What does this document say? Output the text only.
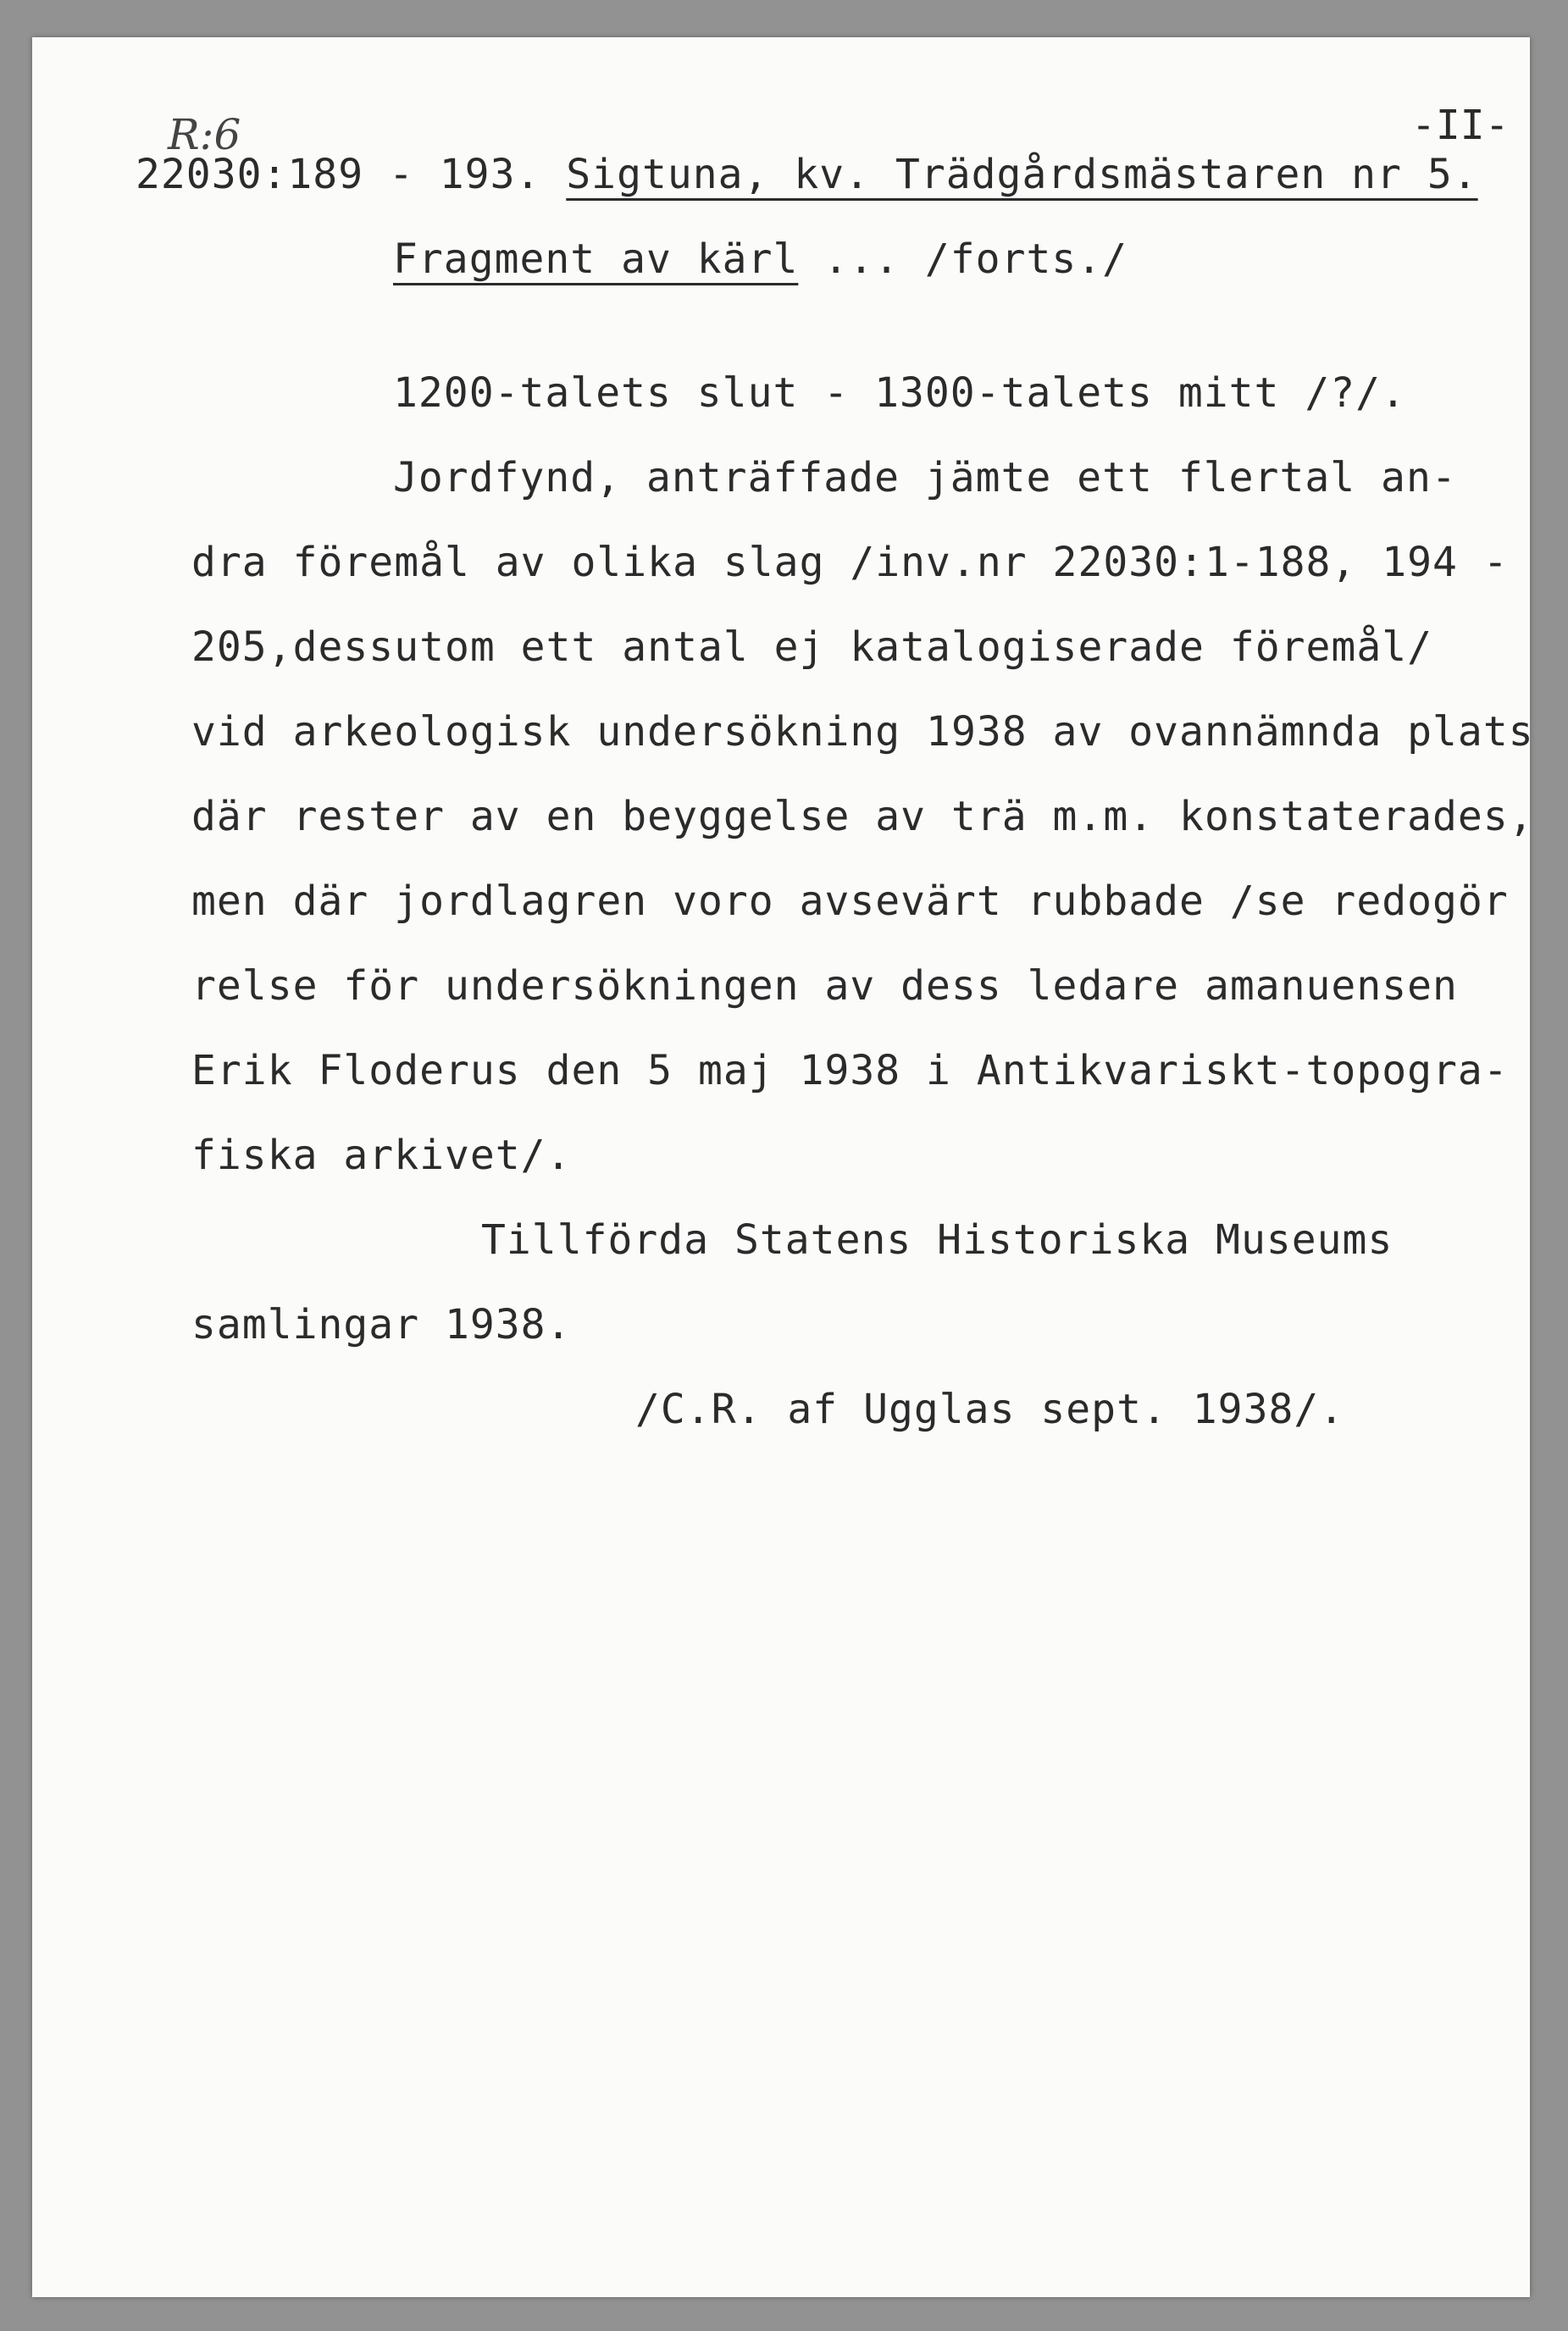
R:6	-II-
22030:189 - 193. Sigtuna, kv. Trädgårdsmästaren nr 5.
Fragment av kärl ... /forts./
1200-talets slut - 1300-talets mitt /?/.
Jordfynd, anträffade jämte ett flertal an-
dra föremål av olika slag /inv.nr 22030:1-188, 194 -
205,dessutom ett antal ej katalogiserade föremål/
vid arkeologisk undersökning 1938 av ovannämnda plats
där rester av en beyggelse av trä m.m. konstaterades,
men där jordlagren voro avsevärt rubbade /se redogör
relse för undersökningen av dess ledare amanuensen
Erik Floderus den 5 maj 1938 i Antikvariskt-topogra-
fiska arkivet/.
Tillförda Statens Historiska Museums
samlingar 1938.
/C.R. af Ugglas sept. 1938/.
